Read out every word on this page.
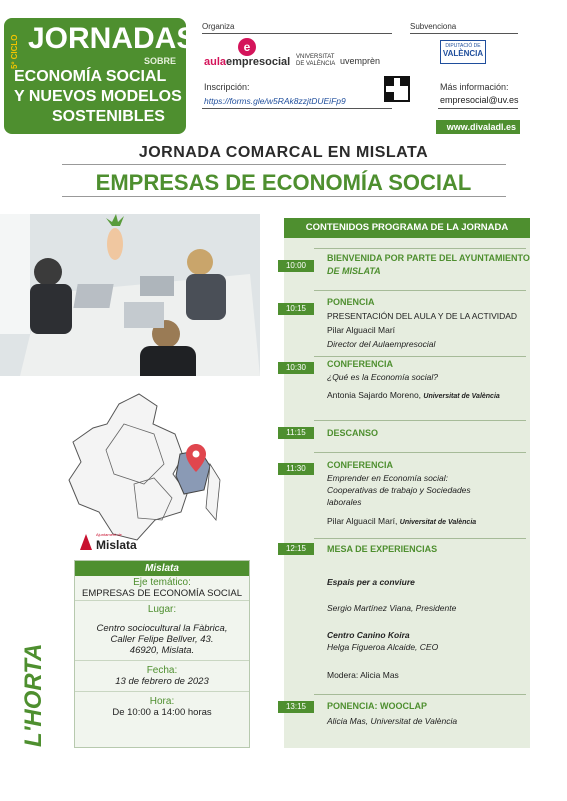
5º CICLO JORNADAS
SOBRE
ECONOMÍA SOCIAL
Y NUEVOS MODELOS
SOSTENIBLES
Organiza	Subvenciona
e
aulaempresocial VNIVERSITAT
DE VALÈNCIA uvemprèn
DIPUTACIÓ DE
VALÈNCIA
Inscripción:
https://forms.gle/w5RAk8zzjtDUEiFp9
Más información:
empresocial@uv.es
www.divaladl.es
JORNADA COMARCAL EN MISLATA
EMPRESAS DE ECONOMÍA SOCIAL
Ajuntament de
Mislata
Mislata
Eje temático:
EMPRESAS DE ECONOMÍA SOCIAL
Lugar:
Centro sociocultural la Fàbrica,
Caller Felipe Bellver, 43.
46920, Mislata.
Fecha:
13 de febrero de 2023
Hora:
De 10:00 a 14:00 horas
L'HORTA
CONTENIDOS PROGRAMA DE LA JORNADA
10:00
BIENVENIDA POR PARTE DEL AYUNTAMIENTO
DE MISLATA
10:15
PONENCIA
PRESENTACIÓN DEL AULA Y DE LA ACTIVIDAD
Pilar Alguacil Marí
Director del Aulaempresocial
10:30	CONFERENCIA
¿Qué es la Economía social?
Antonia Sajardo Moreno, Universitat de València
11:15	DESCANSO
11:30	CONFERENCIA
Emprender en Economía social:
Cooperativas de trabajo y Sociedades
laborales
Pilar Alguacil Marí, Universitat de València
12:15	MESA DE EXPERIENCIAS
Espais per a conviure
Sergio Martínez Viana, Presidente
Centro Canino Koira
Helga Figueroa Alcaide, CEO
Modera: Alicia Mas
13:15	PONENCIA: WOOCLAP
Alicia Mas, Universitat de València
